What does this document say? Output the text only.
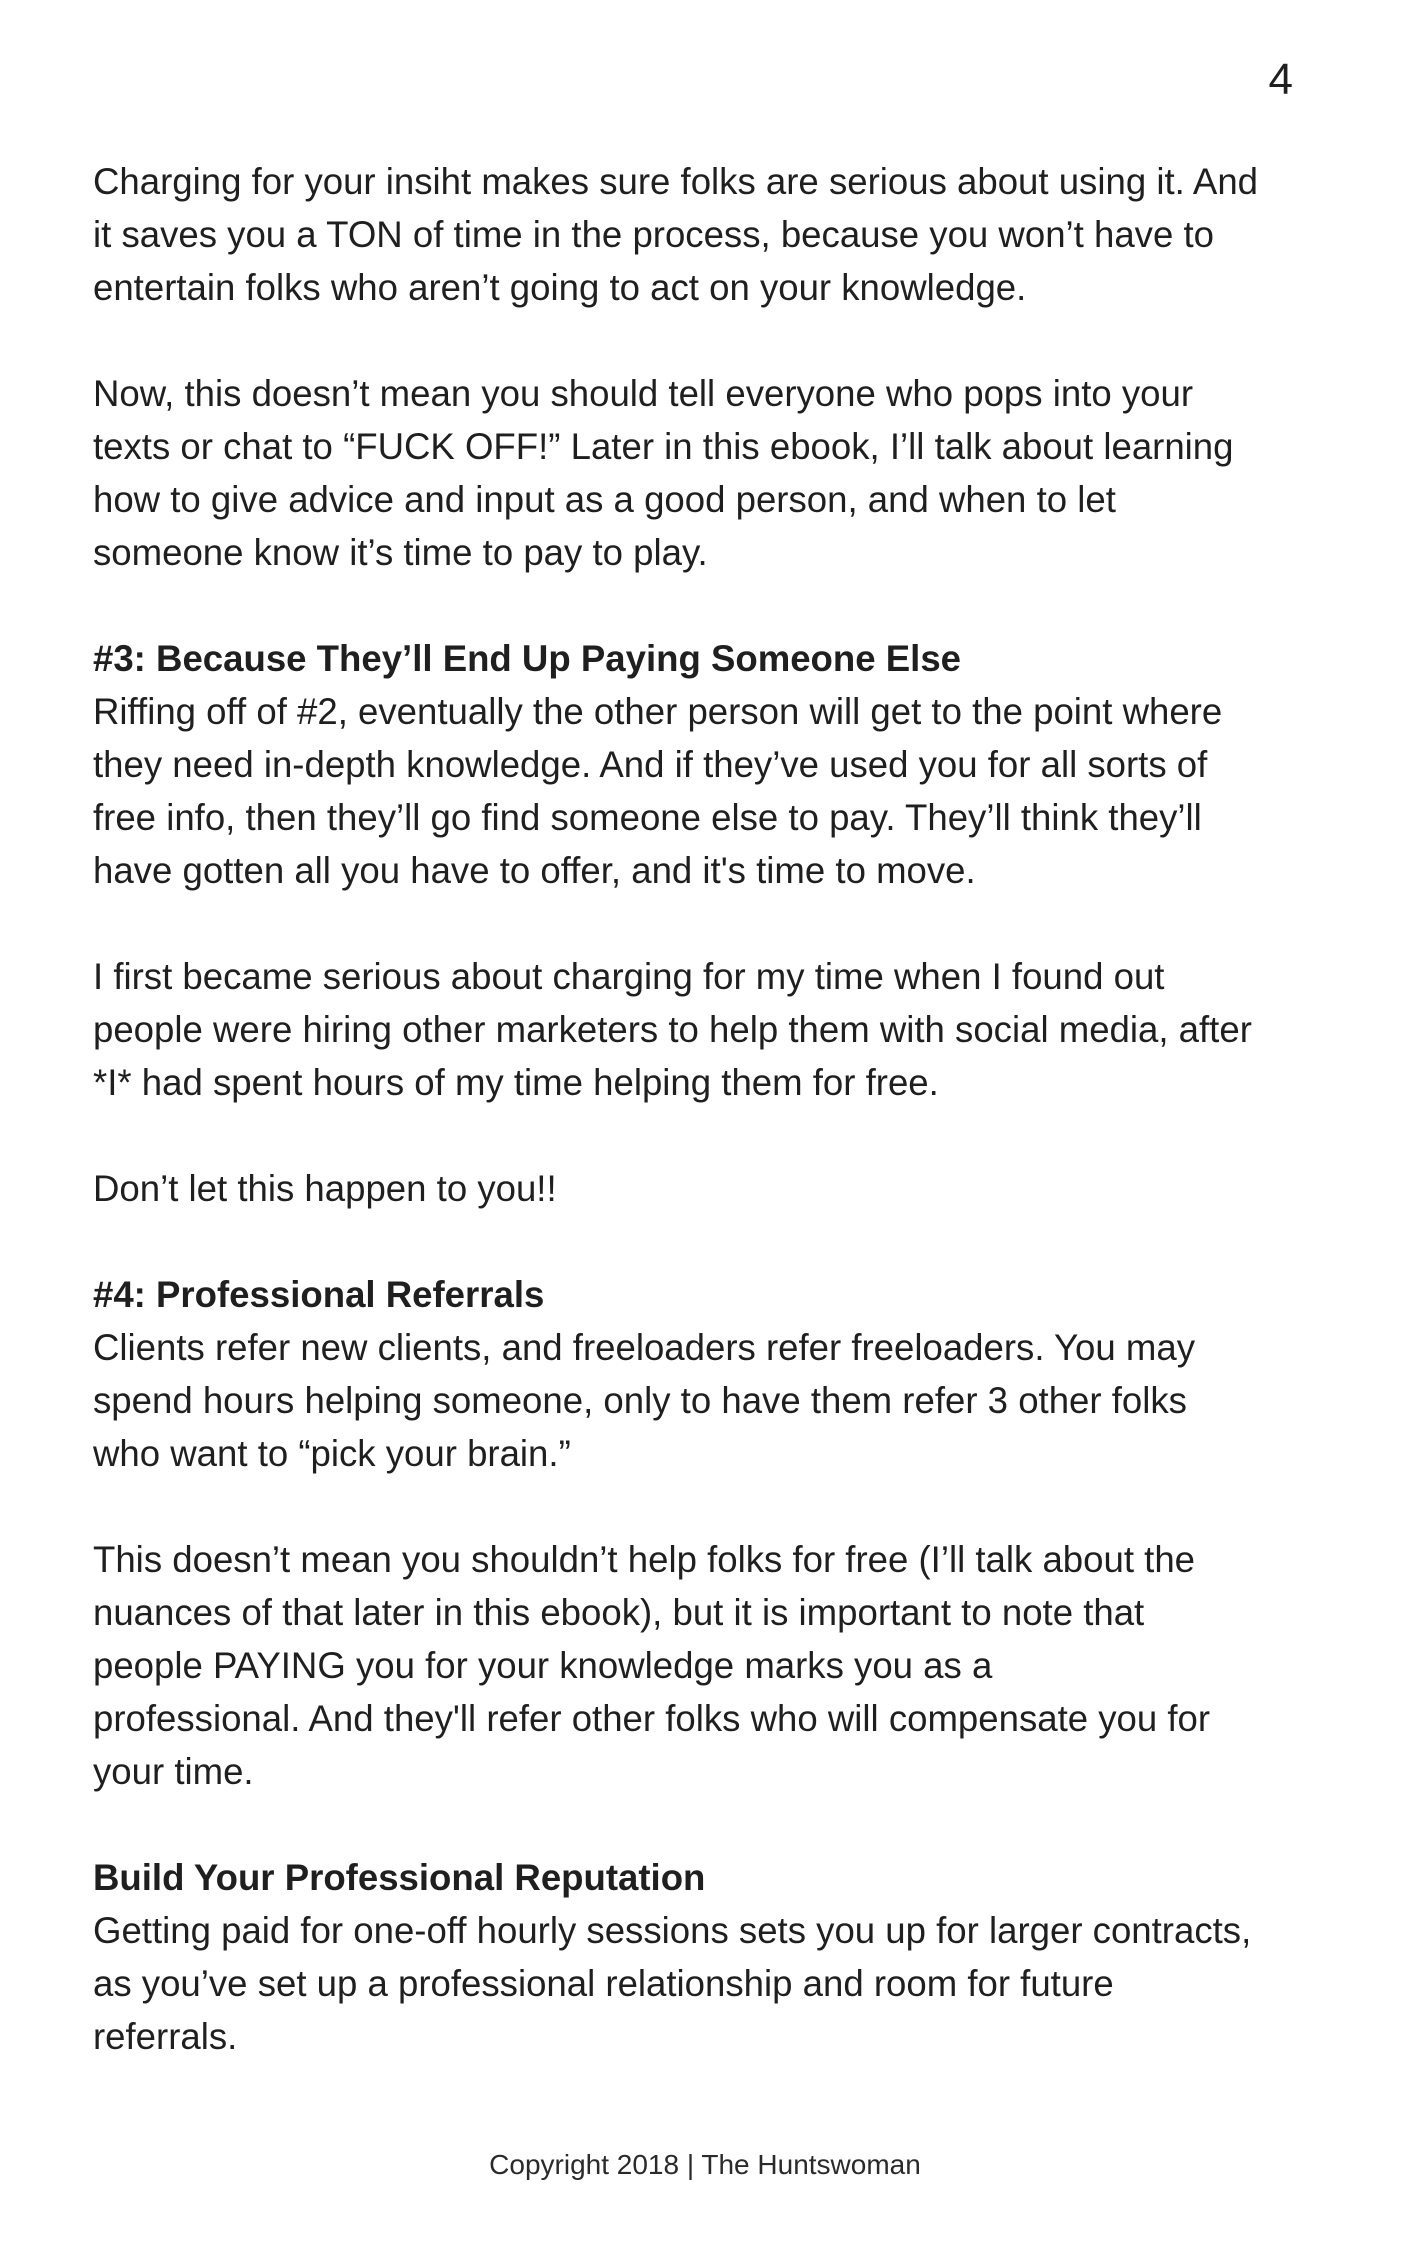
4

Charging for your insiht makes sure folks are serious about using it. And
it saves you a TON of time in the process, because you won’t have to
entertain folks who aren’t going to act on your knowledge.

Now, this doesn’t mean you should tell everyone who pops into your
texts or chat to “FUCK OFF!” Later in this ebook, I’ll talk about learning
how to give advice and input as a good person, and when to let
someone know it’s time to pay to play.

#3: Because They’ll End Up Paying Someone Else

Riffing off of #2, eventually the other person will get to the point where
they need in-depth knowledge. And if they’ve used you for all sorts of
free info, then they’ll go find someone else to pay. They’ll think they’ll
have gotten all you have to offer, and it's time to move.

I first became serious about charging for my time when I found out
people were hiring other marketers to help them with social media, after
*I* had spent hours of my time helping them for free.

Don’t let this happen to you!!

#4: Professional Referrals

Clients refer new clients, and freeloaders refer freeloaders. You may
spend hours helping someone, only to have them refer 3 other folks
who want to “pick your brain.”

This doesn’t mean you shouldn’t help folks for free (I’ll talk about the
nuances of that later in this ebook), but it is important to note that
people PAYING you for your knowledge marks you as a
professional. And they'll refer other folks who will compensate you for
your time.

Build Your Professional Reputation

Getting paid for one-off hourly sessions sets you up for larger contracts,
as you’ve set up a professional relationship and room for future
referrals.

Copyright 2018 | The Huntswoman
